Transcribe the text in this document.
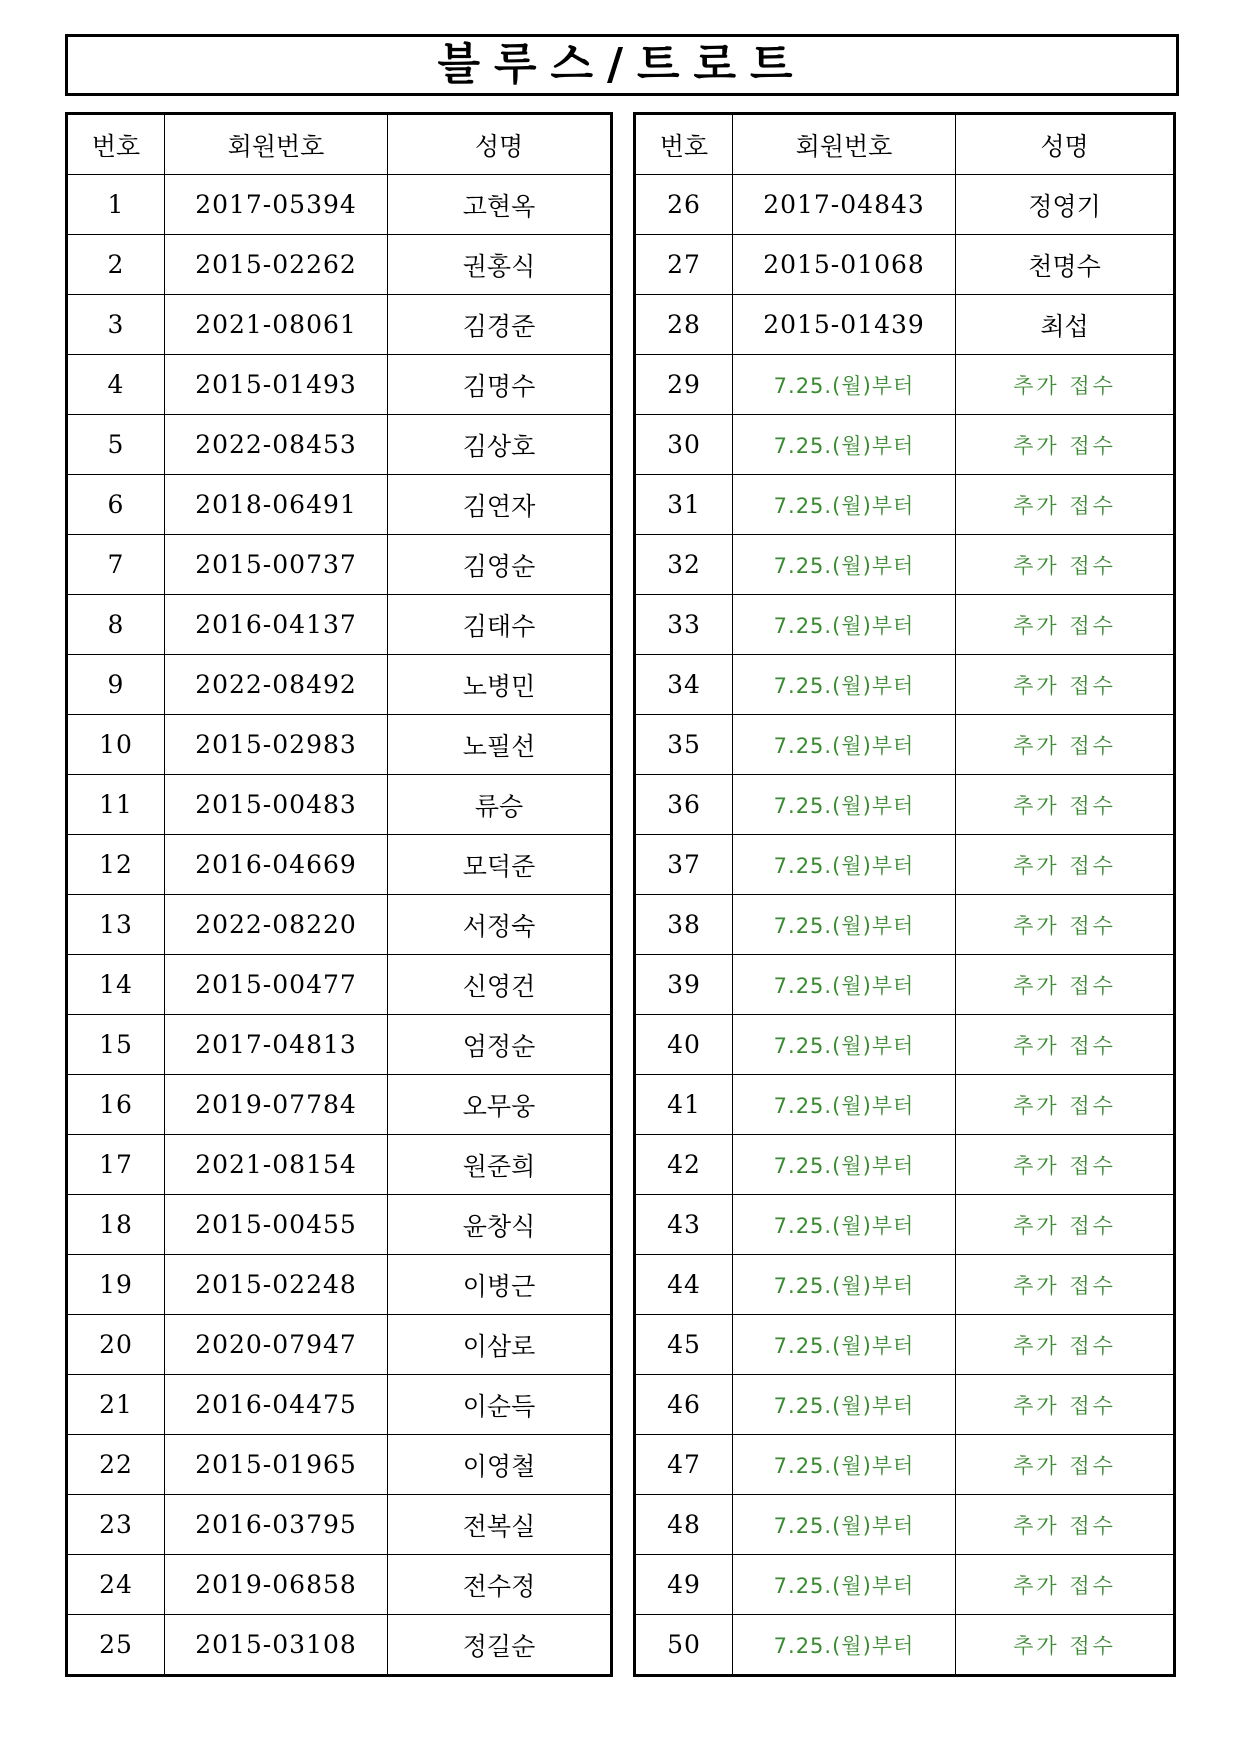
블루스/트로트
번호	회원번호	성명
1	2017-05394	고현옥
2	2015-02262	권홍식
3	2021-08061	김경준
4	2015-01493	김명수
5	2022-08453	김상호
6	2018-06491	김연자
7	2015-00737	김영순
8	2016-04137	김태수
9	2022-08492	노병민
10	2015-02983	노필선
11	2015-00483	류승
12	2016-04669	모덕준
13	2022-08220	서정숙
14	2015-00477	신영건
15	2017-04813	엄정순
16	2019-07784	오무웅
17	2021-08154	원준희
18	2015-00455	윤창식
19	2015-02248	이병근
20	2020-07947	이삼로
21	2016-04475	이순득
22	2015-01965	이영철
23	2016-03795	전복실
24	2019-06858	전수정
25	2015-03108	정길순
번호	회원번호	성명
26	2017-04843	정영기
27	2015-01068	천명수
28	2015-01439	최섭
29	7.25.(월)부터	추가 접수
30	7.25.(월)부터	추가 접수
31	7.25.(월)부터	추가 접수
32	7.25.(월)부터	추가 접수
33	7.25.(월)부터	추가 접수
34	7.25.(월)부터	추가 접수
35	7.25.(월)부터	추가 접수
36	7.25.(월)부터	추가 접수
37	7.25.(월)부터	추가 접수
38	7.25.(월)부터	추가 접수
39	7.25.(월)부터	추가 접수
40	7.25.(월)부터	추가 접수
41	7.25.(월)부터	추가 접수
42	7.25.(월)부터	추가 접수
43	7.25.(월)부터	추가 접수
44	7.25.(월)부터	추가 접수
45	7.25.(월)부터	추가 접수
46	7.25.(월)부터	추가 접수
47	7.25.(월)부터	추가 접수
48	7.25.(월)부터	추가 접수
49	7.25.(월)부터	추가 접수
50	7.25.(월)부터	추가 접수
